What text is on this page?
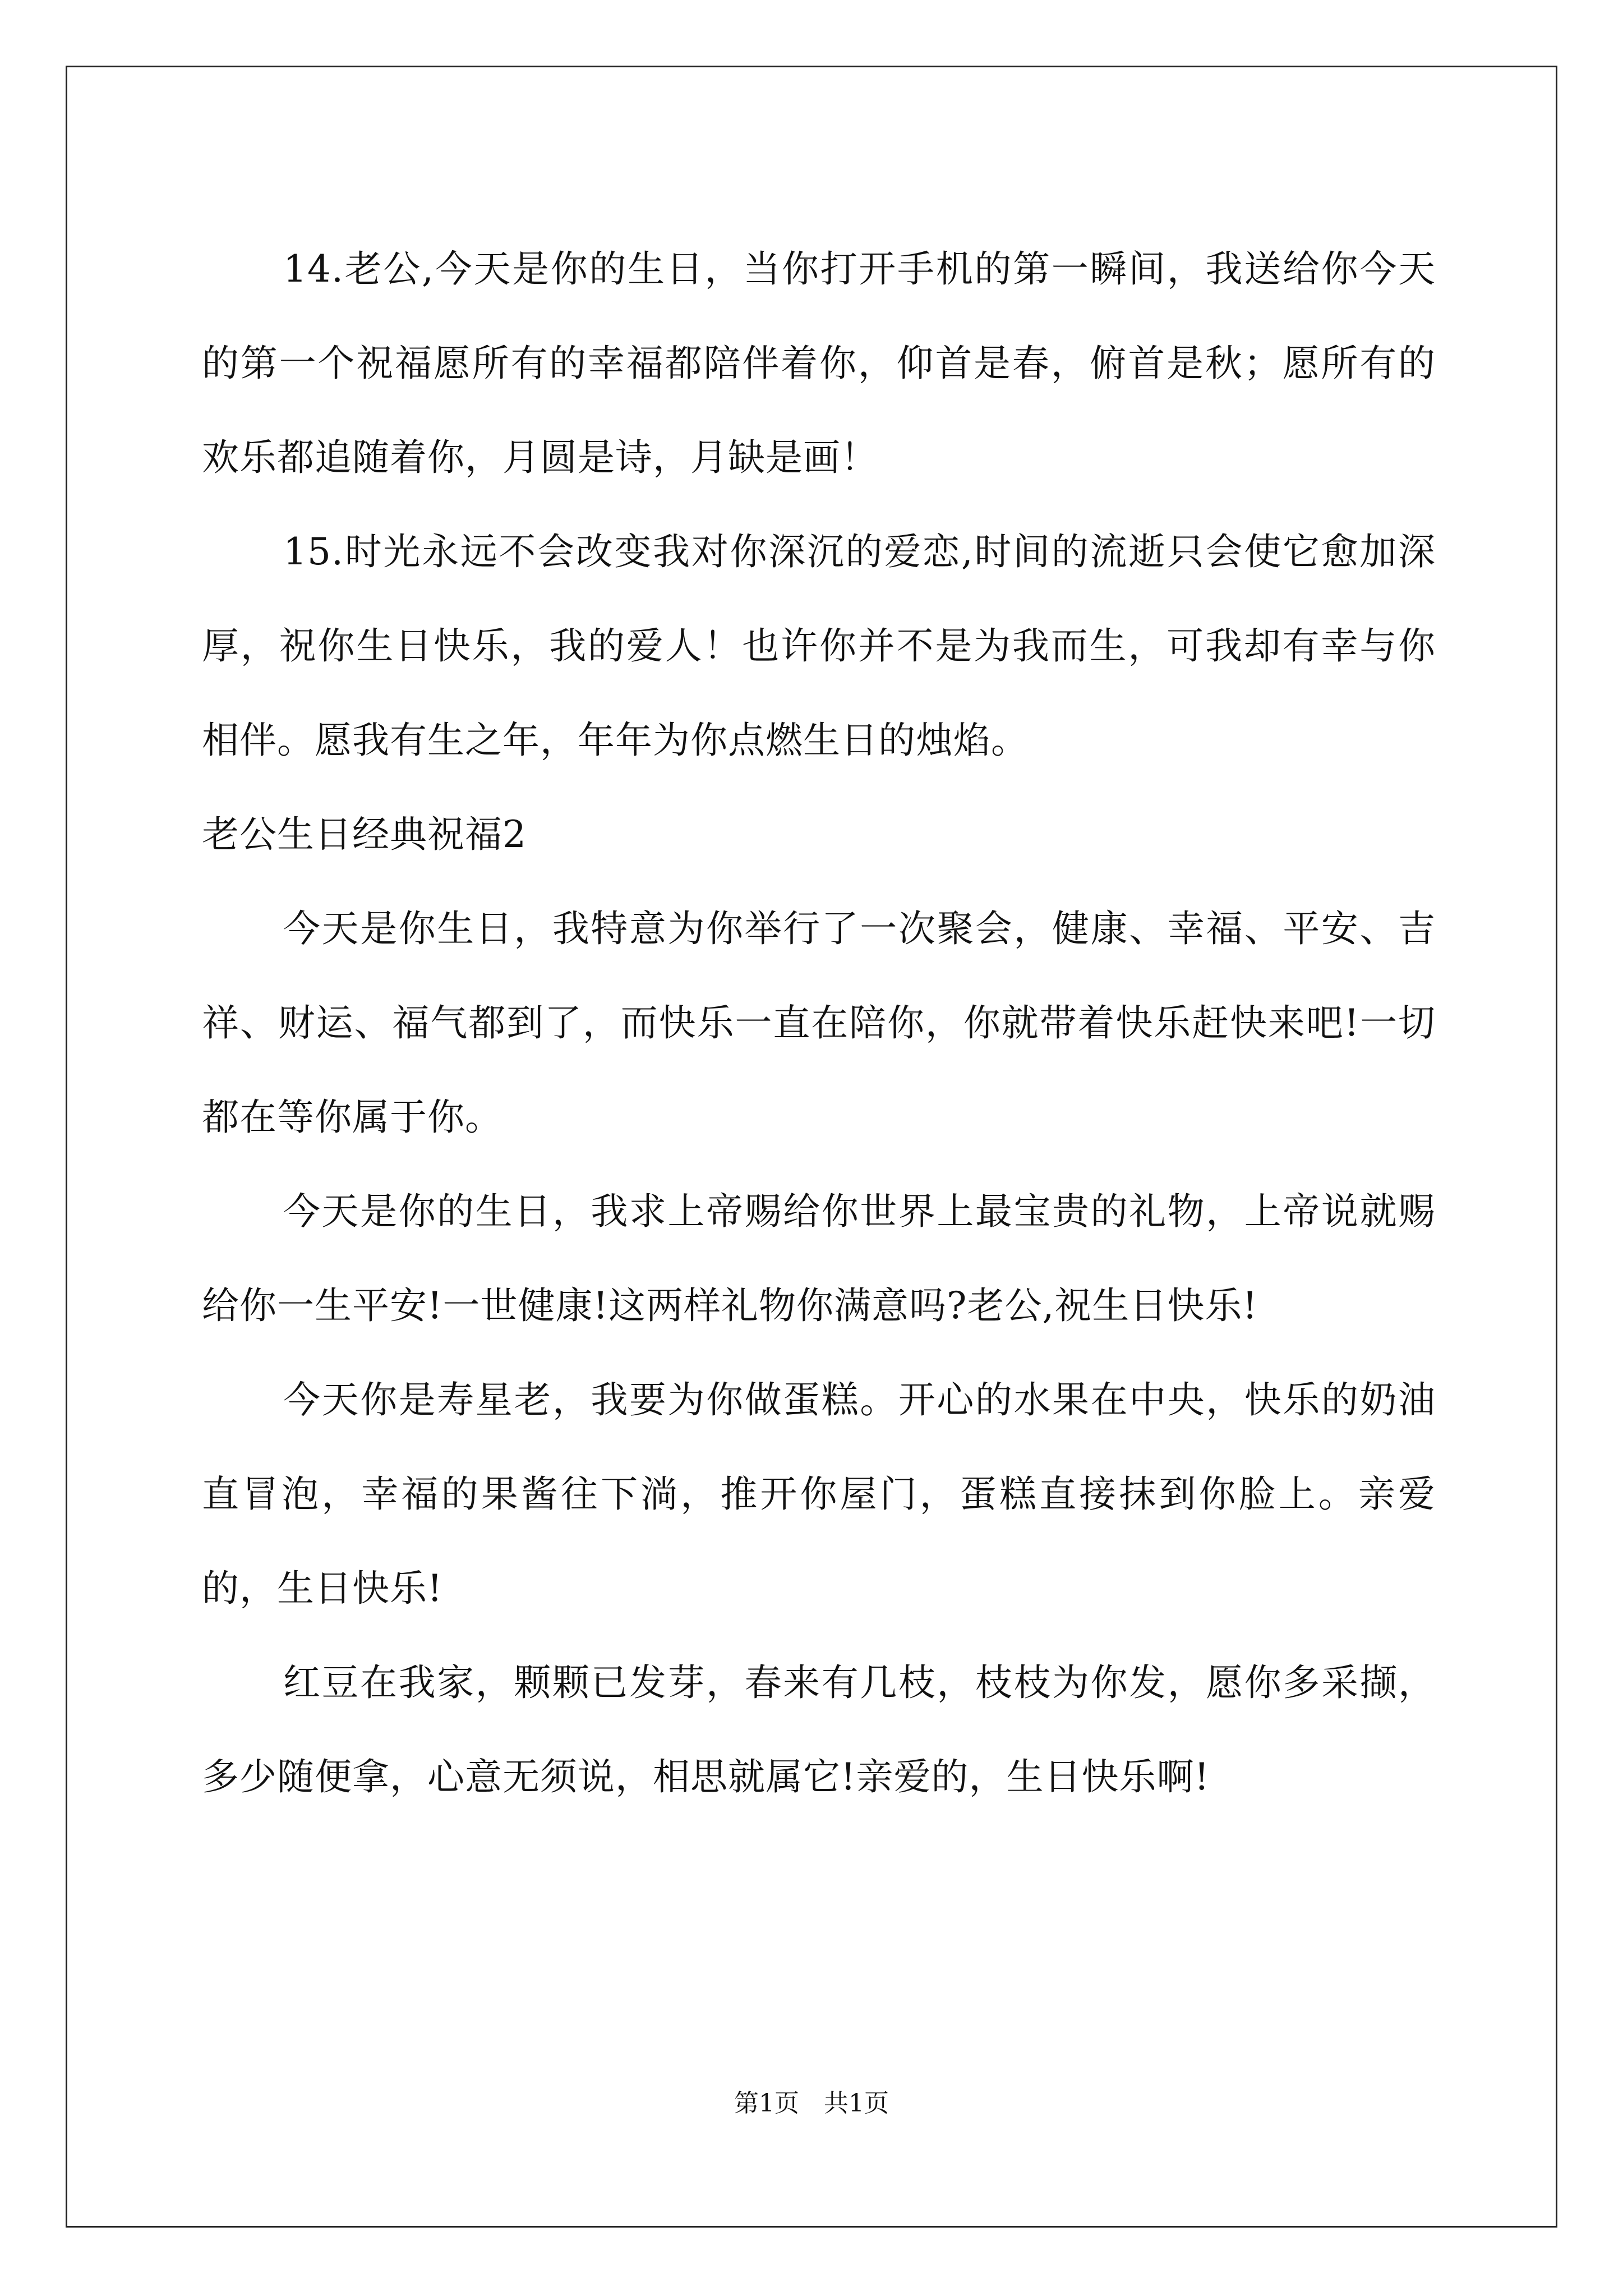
14.老公,今天是你的生日，当你打开手机的第一瞬间，我送给你今天的第一个祝福愿所有的幸福都陪伴着你，仰首是春，俯首是秋；愿所有的欢乐都追随着你，月圆是诗，月缺是画！

15.时光永远不会改变我对你深沉的爱恋,时间的流逝只会使它愈加深厚，祝你生日快乐，我的爱人！也许你并不是为我而生，可我却有幸与你相伴。愿我有生之年，年年为你点燃生日的烛焰。

老公生日经典祝福2

今天是你生日，我特意为你举行了一次聚会，健康、幸福、平安、吉祥、财运、福气都到了，而快乐一直在陪你，你就带着快乐赶快来吧!一切都在等你属于你。

今天是你的生日，我求上帝赐给你世界上最宝贵的礼物，上帝说就赐给你一生平安!一世健康!这两样礼物你满意吗?老公,祝生日快乐!

今天你是寿星老，我要为你做蛋糕。开心的水果在中央，快乐的奶油直冒泡，幸福的果酱往下淌，推开你屋门，蛋糕直接抹到你脸上。亲爱的，生日快乐!

红豆在我家，颗颗已发芽，春来有几枝，枝枝为你发，愿你多采撷，多少随便拿，心意无须说，相思就属它!亲爱的，生日快乐啊!

第1页　共1页
